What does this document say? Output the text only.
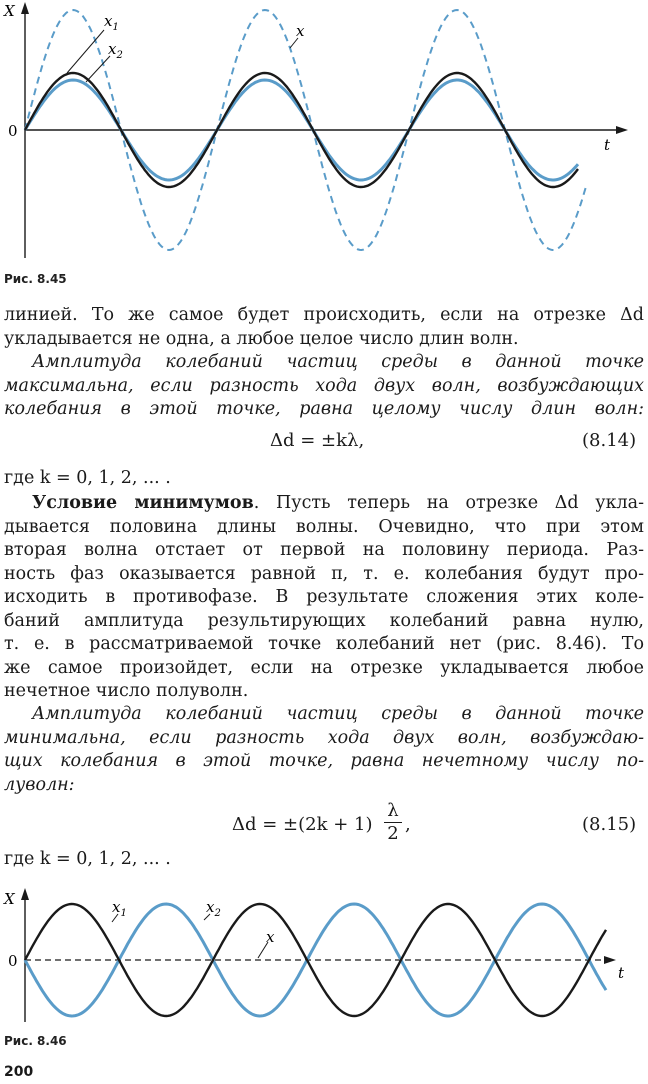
X
t
0
$x_1$
$x_2$
x
Рис. 8.45
линией. То же самое будет происходить, если на отрезке Δd
укладывается не одна, а любое целое число длин волн.
Амплитуда колебаний частиц среды в данной точке
максимальна, если разность хода двух волн, возбуждающих
колебания в этой точке, равна целому числу длин волн:
Δd = ±kλ,	(8.14)
где k = 0, 1, 2, ... .
Условие минимумов. Пусть теперь на отрезке Δd укла-
дывается половина длины волны. Очевидно, что при этом
вторая волна отстает от первой на половину периода. Раз-
ность фаз оказывается равной π, т. е. колебания будут про-
исходить в противофазе. В результате сложения этих коле-
баний амплитуда результирующих колебаний равна нулю,
т. е. в рассматриваемой точке колебаний нет (рис. 8.46). То
же самое произойдет, если на отрезке укладывается любое
нечетное число полуволн.
Амплитуда колебаний частиц среды в данной точке
минимальна, если разность хода двух волн, возбуждаю-
щих колебания в этой точке, равна нечетному числу по-
луволн:
$\Delta d = \pm(2k + 1) \frac{\lambda}{2}$ ,	(8.15)
где k = 0, 1, 2, ... .
X
t
0
$x_1$	$x_2$
x
Рис. 8.46
200
